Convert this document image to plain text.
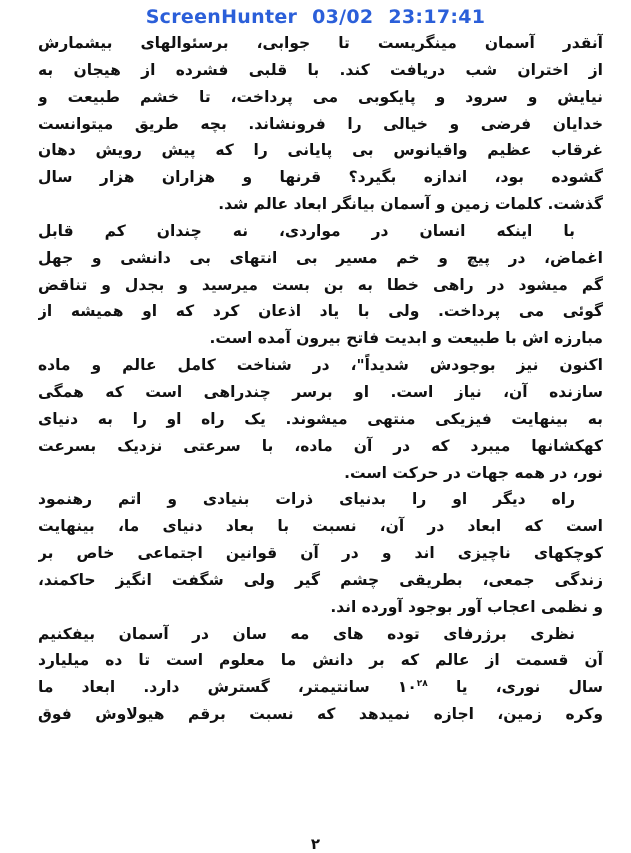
ScreenHunter 03/02 23:17:41
آنقدر آسمان مینگریست تا جوابی، برسئوالهای بیشمارش
از اختران شب دریافت کند. با قلبی فشرده از هیجان به
نیایش و سرود و پایکوبی می پرداخت، تا خشم طبیعت و
خدایان فرضی و خیالی را فرونشاند. بچه طریق میتوانست
غرقاب عظیم واقیانوس بی پایانی را که پیش رویش دهان
گشوده بود، اندازه بگیرد؟ قرنها و هزاران هزار سال
گذشت. کلمات زمین و آسمان بیانگر ابعاد عالم شد.
با اینکه انسان در مواردی، نه چندان کم قابل
اغماض، در پیچ و خم مسیر بی انتهای بی دانشی و جهل
گم میشود در راهی خطا به بن بست میرسید و بجدل و تناقض
گوئی می پرداخت. ولی با یاد اذعان کرد که او همیشه از
مبارزه اش با طبیعت و ابدیت فاتح بیرون آمده است.
اکنون نیز بوجودش شدیداً"، در شناخت کامل عالم و ماده
سازنده آن، نیاز است. او برسر چندراهی است که همگی
به بینهایت فیزیکی منتهی میشوند. یک راه او را به دنیای
کهکشانها میبرد که در آن ماده، با سرعتی نزدیک بسرعت
نور، در همه جهات در حرکت است.
راه دیگر او را بدنیای ذرات بنیادی و اتم رهنمود
است که ابعاد در آن، نسبت با بعاد دنیای ما، بینهایت
کوچکهای ناچیزی اند و در آن قوانین اجتماعی خاص بر
زندگی جمعی، بطریقی چشم گیر ولی شگفت انگیز حاکمند،
و نظمی اعجاب آور بوجود آورده اند.
نظری برژرفای توده های مه سان در آسمان بیفکنیم
آن قسمت از عالم که بر دانش ما معلوم است تا ده میلیارد
سال نوری، یا $۱۰^{۲۸}$ سانتیمتر، گسترش دارد. ابعاد ما
وکره زمین، اجازه نمیدهد که نسبت برقم هیولاوش فوق
۲
